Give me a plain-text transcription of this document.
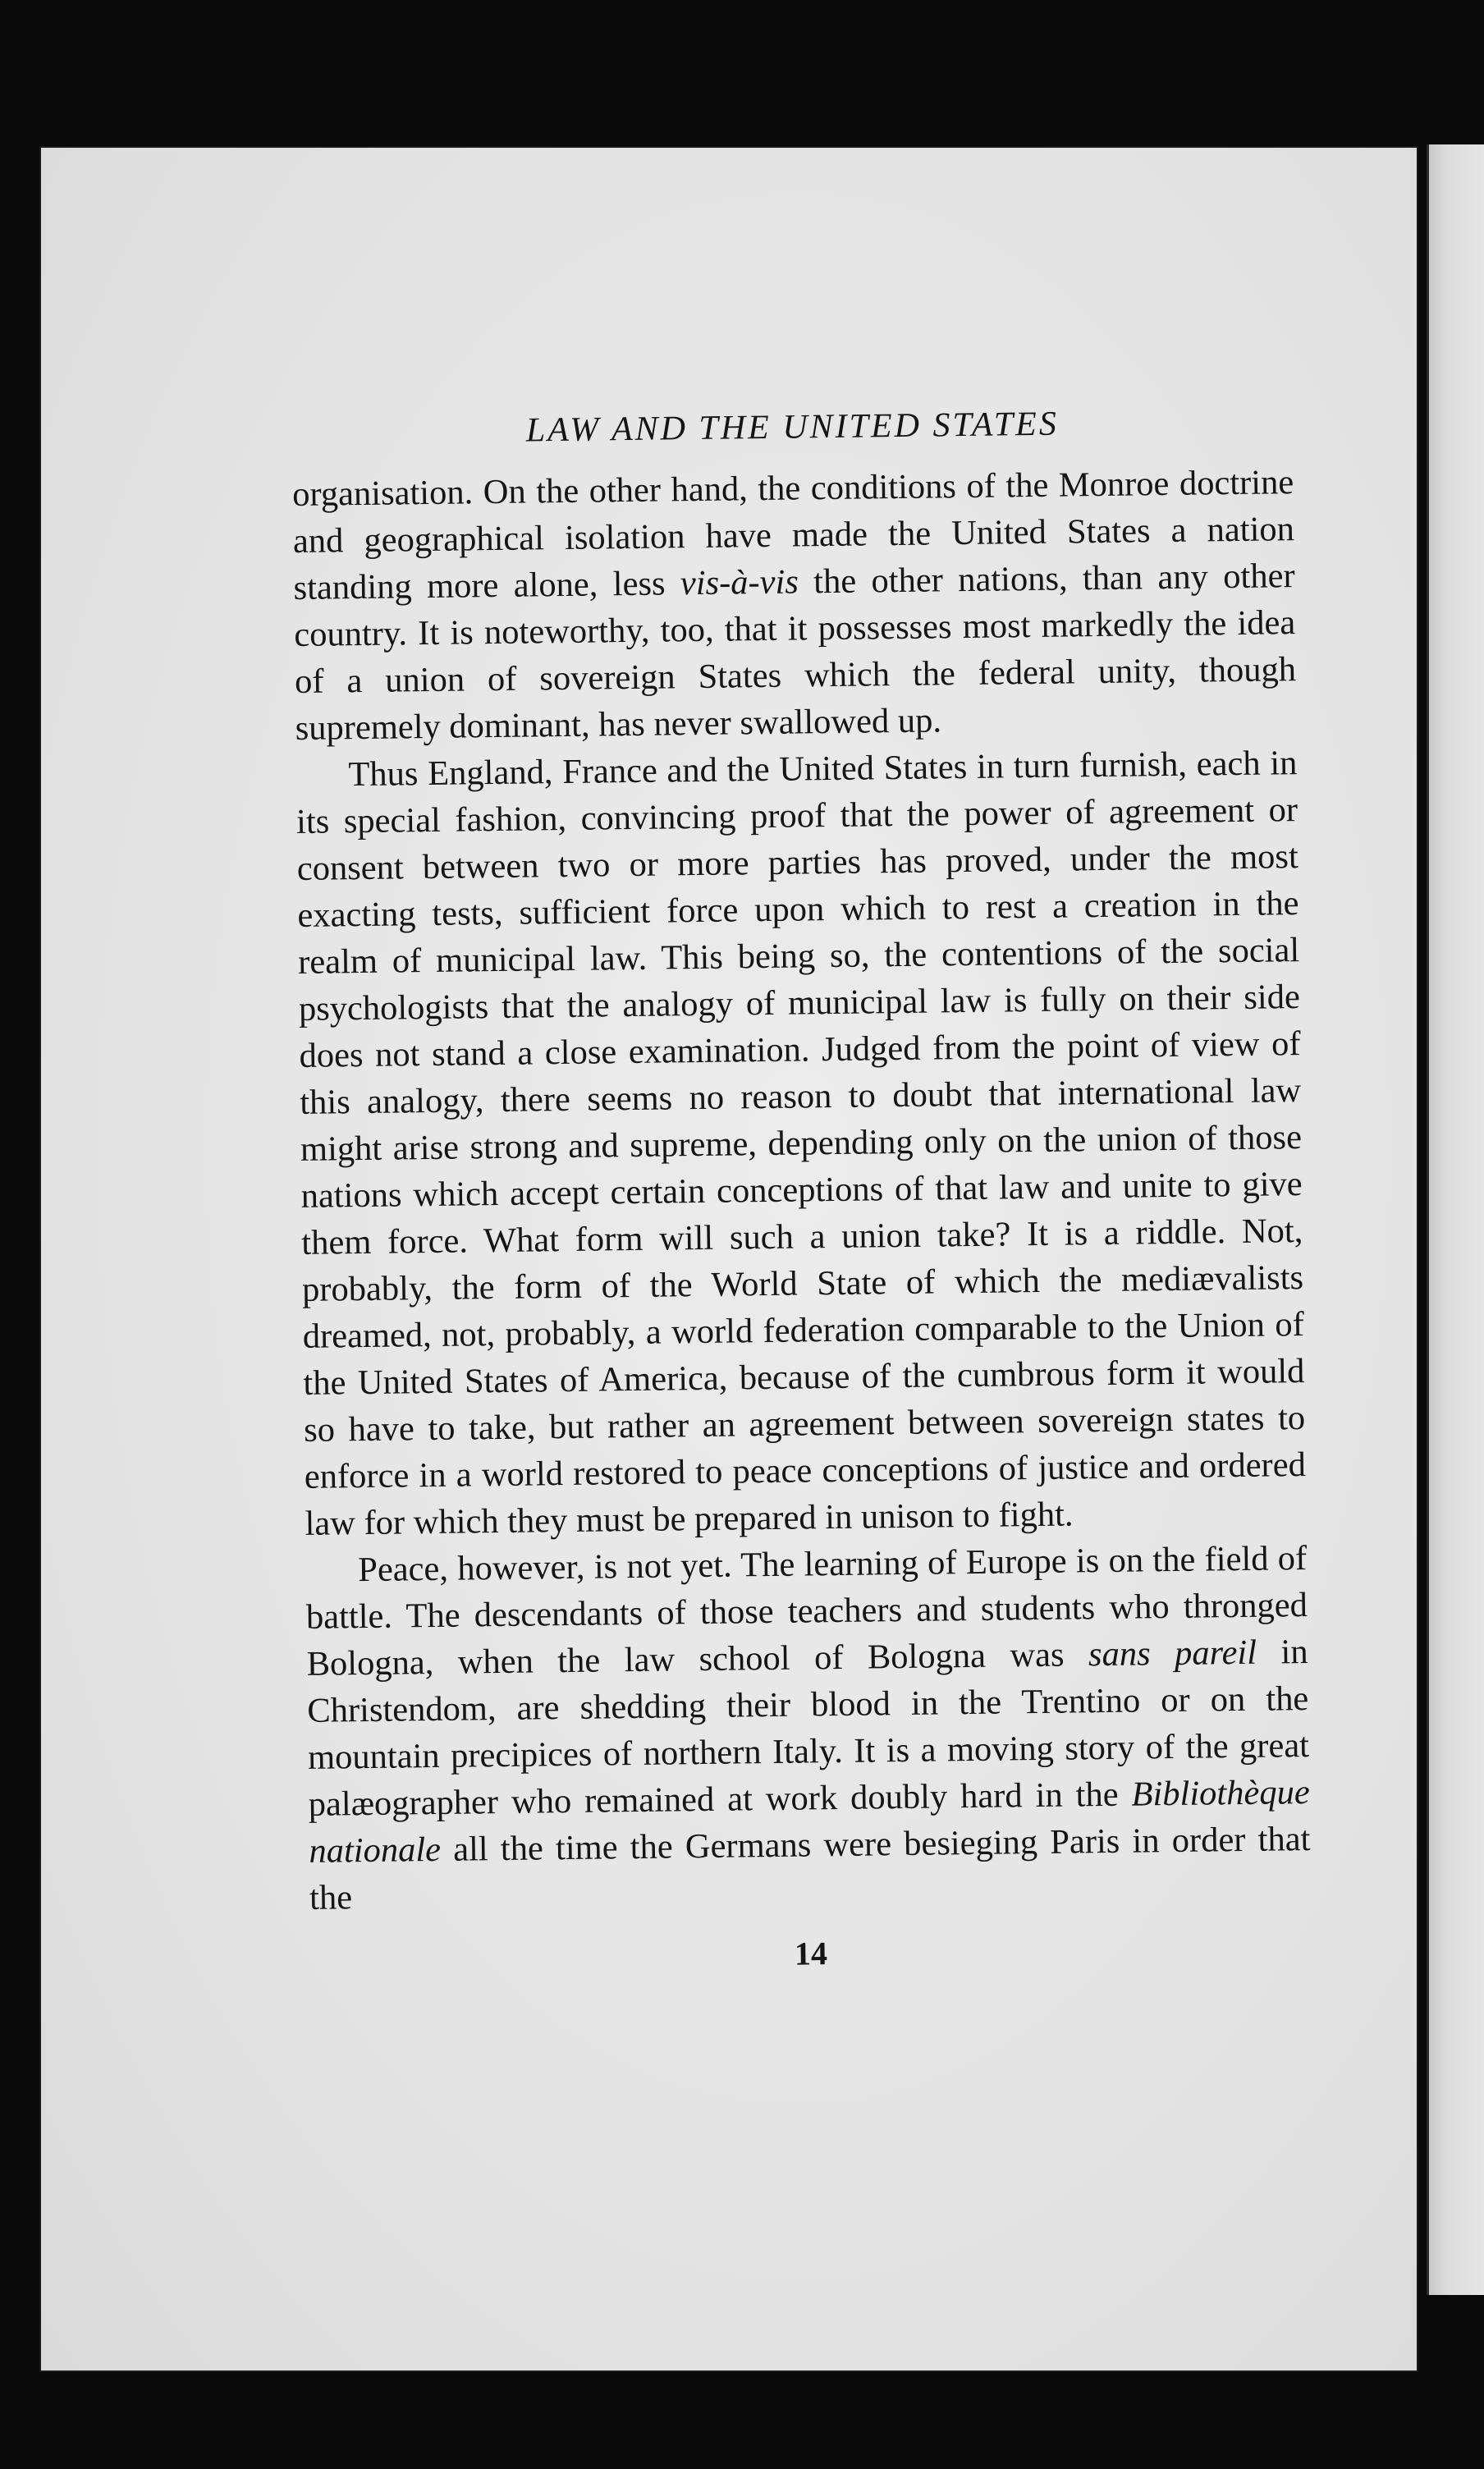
LAW AND THE UNITED STATES

organisation. On the other hand, the conditions of the Monroe doctrine and geographical isolation have made the United States a nation standing more alone, less vis-à-vis the other nations, than any other country. It is noteworthy, too, that it possesses most markedly the idea of a union of sovereign States which the federal unity, though supremely dominant, has never swallowed up.

Thus England, France and the United States in turn furnish, each in its special fashion, convincing proof that the power of agreement or consent between two or more parties has proved, under the most exacting tests, sufficient force upon which to rest a creation in the realm of municipal law. This being so, the contentions of the social psychologists that the analogy of municipal law is fully on their side does not stand a close examination. Judged from the point of view of this analogy, there seems no reason to doubt that international law might arise strong and supreme, depending only on the union of those nations which accept certain conceptions of that law and unite to give them force. What form will such a union take? It is a riddle. Not, probably, the form of the World State of which the mediævalists dreamed, not, probably, a world federation comparable to the Union of the United States of America, because of the cumbrous form it would so have to take, but rather an agreement between sovereign states to enforce in a world restored to peace conceptions of justice and ordered law for which they must be prepared in unison to fight.

Peace, however, is not yet. The learning of Europe is on the field of battle. The descendants of those teachers and students who thronged Bologna, when the law school of Bologna was sans pareil in Christendom, are shedding their blood in the Trentino or on the mountain precipices of northern Italy. It is a moving story of the great palæographer who remained at work doubly hard in the Bibliothèque nationale all the time the Germans were besieging Paris in order that the

14
